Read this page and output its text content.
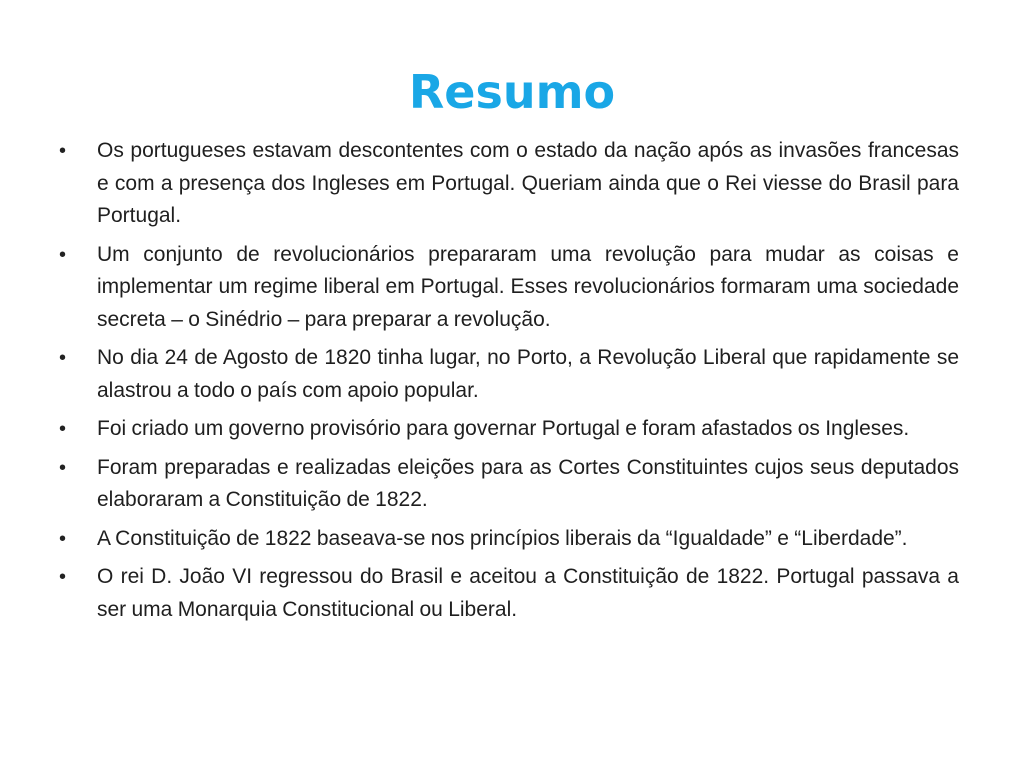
Resumo
• Os portugueses estavam descontentes com o estado da nação após as invasões francesas e com a presença dos Ingleses em Portugal. Queriam ainda que o Rei viesse do Brasil para Portugal.
• Um conjunto de revolucionários prepararam uma revolução para mudar as coisas e implementar um regime liberal em Portugal. Esses revolucionários formaram uma sociedade secreta – o Sinédrio – para preparar a revolução.
• No dia 24 de Agosto de 1820 tinha lugar, no Porto, a Revolução Liberal que rapidamente se alastrou a todo o país com apoio popular.
• Foi criado um governo provisório para governar Portugal e foram afastados os Ingleses.
• Foram preparadas e realizadas eleições para as Cortes Constituintes cujos seus deputados elaboraram a Constituição de 1822.
• A Constituição de 1822 baseava-se nos princípios liberais da “Igualdade” e “Liberdade”.
• O rei D. João VI regressou do Brasil e aceitou a Constituição de 1822. Portugal passava a ser uma Monarquia Constitucional ou Liberal.
